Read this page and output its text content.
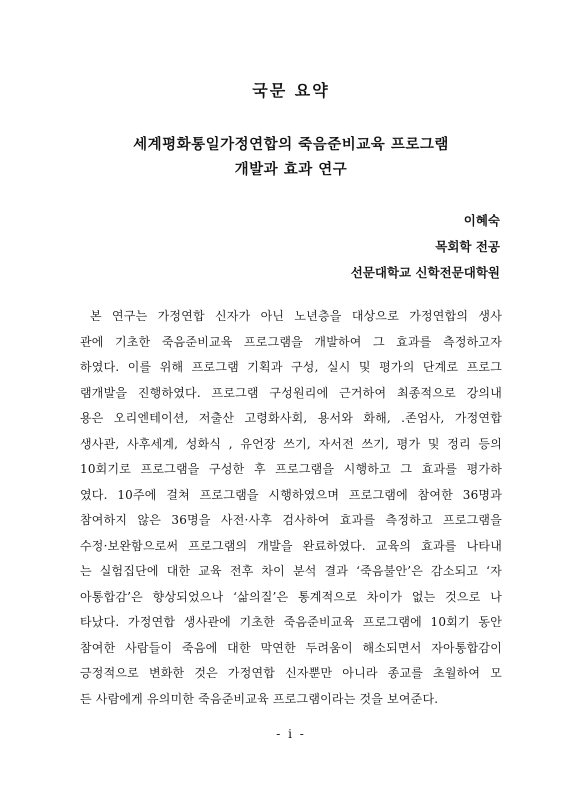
국문 요약
세계평화통일가정연합의 죽음준비교육 프로그램
개발과 효과 연구
이혜숙
목회학 전공
선문대학교 신학전문대학원

본 연구는 가정연합 신자가 아닌 노년층을 대상으로 가정연합의 생사
관에 기초한 죽음준비교육 프로그램을 개발하여 그 효과를 측정하고자
하였다. 이를 위해 프로그램 기획과 구성, 실시 및 평가의 단계로 프로그
램개발을 진행하였다. 프로그램 구성원리에 근거하여 최종적으로 강의내
용은 오리엔테이션, 저출산 고령화사회, 용서와 화해, .존엄사, 가정연합
생사관, 사후세계, 성화식 , 유언장 쓰기, 자서전 쓰기, 평가 및 정리 등의
10회기로 프로그램을 구성한 후 프로그램을 시행하고 그 효과를 평가하
였다. 10주에 걸쳐 프로그램을 시행하였으며 프로그램에 참여한 36명과
참여하지 않은 36명을 사전·사후 검사하여 효과를 측정하고 프로그램을
수정·보완함으로써 프로그램의 개발을 완료하였다. 교육의 효과를 나타내
는 실험집단에 대한 교육 전후 차이 분석 결과 ‘죽음불안’은 감소되고 ‘자
아통합감’은 향상되었으나 ‘삶의질’은 통계적으로 차이가 없는 것으로 나
타났다. 가정연합 생사관에 기초한 죽음준비교육 프로그램에 10회기 동안
참여한 사람들이 죽음에 대한 막연한 두려움이 해소되면서 자아통합감이
긍정적으로 변화한 것은 가정연합 신자뿐만 아니라 종교를 초월하여 모
든 사람에게 유의미한 죽음준비교육 프로그램이라는 것을 보여준다.

- i -
